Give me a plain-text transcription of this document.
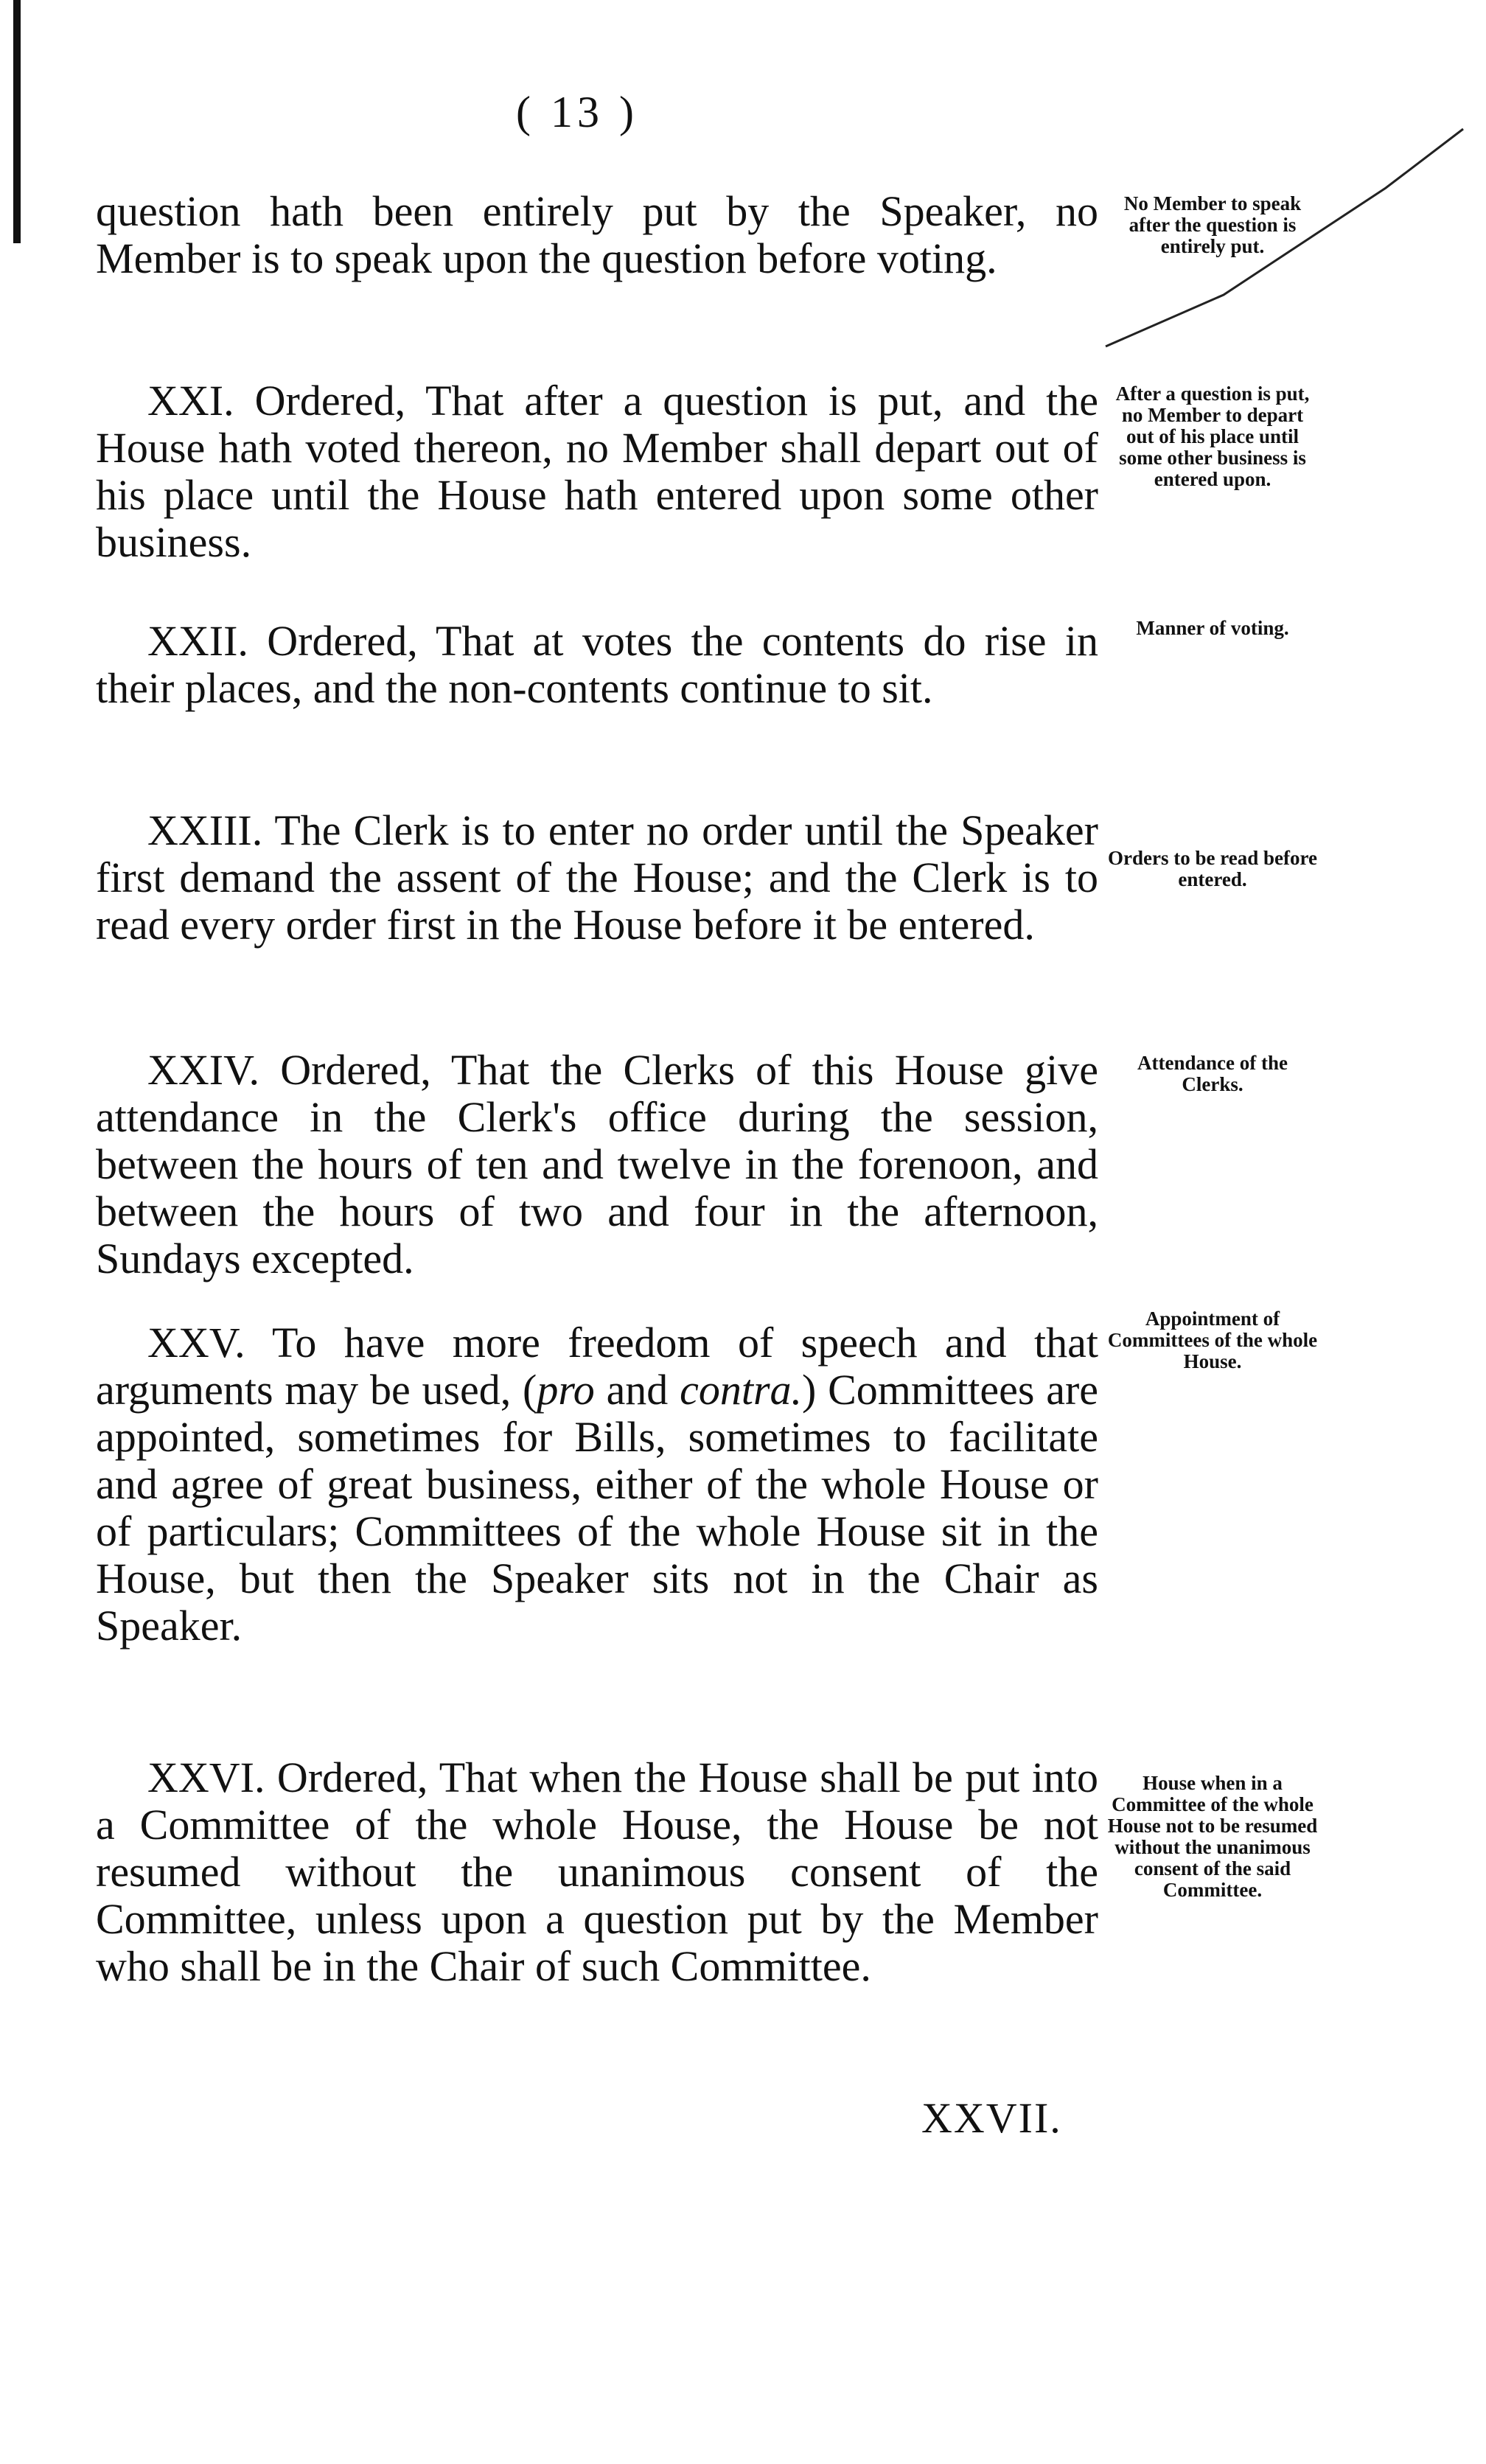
( 13 )

question hath been entirely put by the Speaker, no Member is to speak upon the question before voting.

No Member to speak after the question is entirely put.

XXI. Ordered, That after a question is put, and the House hath voted thereon, no Member shall depart out of his place until the House hath entered upon some other business.

After a question is put, no Member to depart out of his place until some other business is entered upon.

XXII. Ordered, That at votes the contents do rise in their places, and the non-contents continue to sit.

Manner of voting.

XXIII. The Clerk is to enter no order until the Speaker first demand the assent of the House; and the Clerk is to read every order first in the House before it be entered.

Orders to be read before entered.

XXIV. Ordered, That the Clerks of this House give attendance in the Clerk's office during the session, between the hours of ten and twelve in the forenoon, and between the hours of two and four in the afternoon, Sundays excepted.

Attendance of the Clerks.

XXV. To have more freedom of speech and that arguments may be used, (pro and contra.) Committees are appointed, sometimes for Bills, sometimes to facilitate and agree of great business, either of the whole House or of particulars; Committees of the whole House sit in the House, but then the Speaker sits not in the Chair as Speaker.

Appointment of Committees of the whole House.

XXVI. Ordered, That when the House shall be put into a Committee of the whole House, the House be not resumed without the unanimous consent of the Committee, unless upon a question put by the Member who shall be in the Chair of such Committee.

House when in a Committee of the whole House not to be resumed without the unanimous consent of the said Committee.
XXVII.
